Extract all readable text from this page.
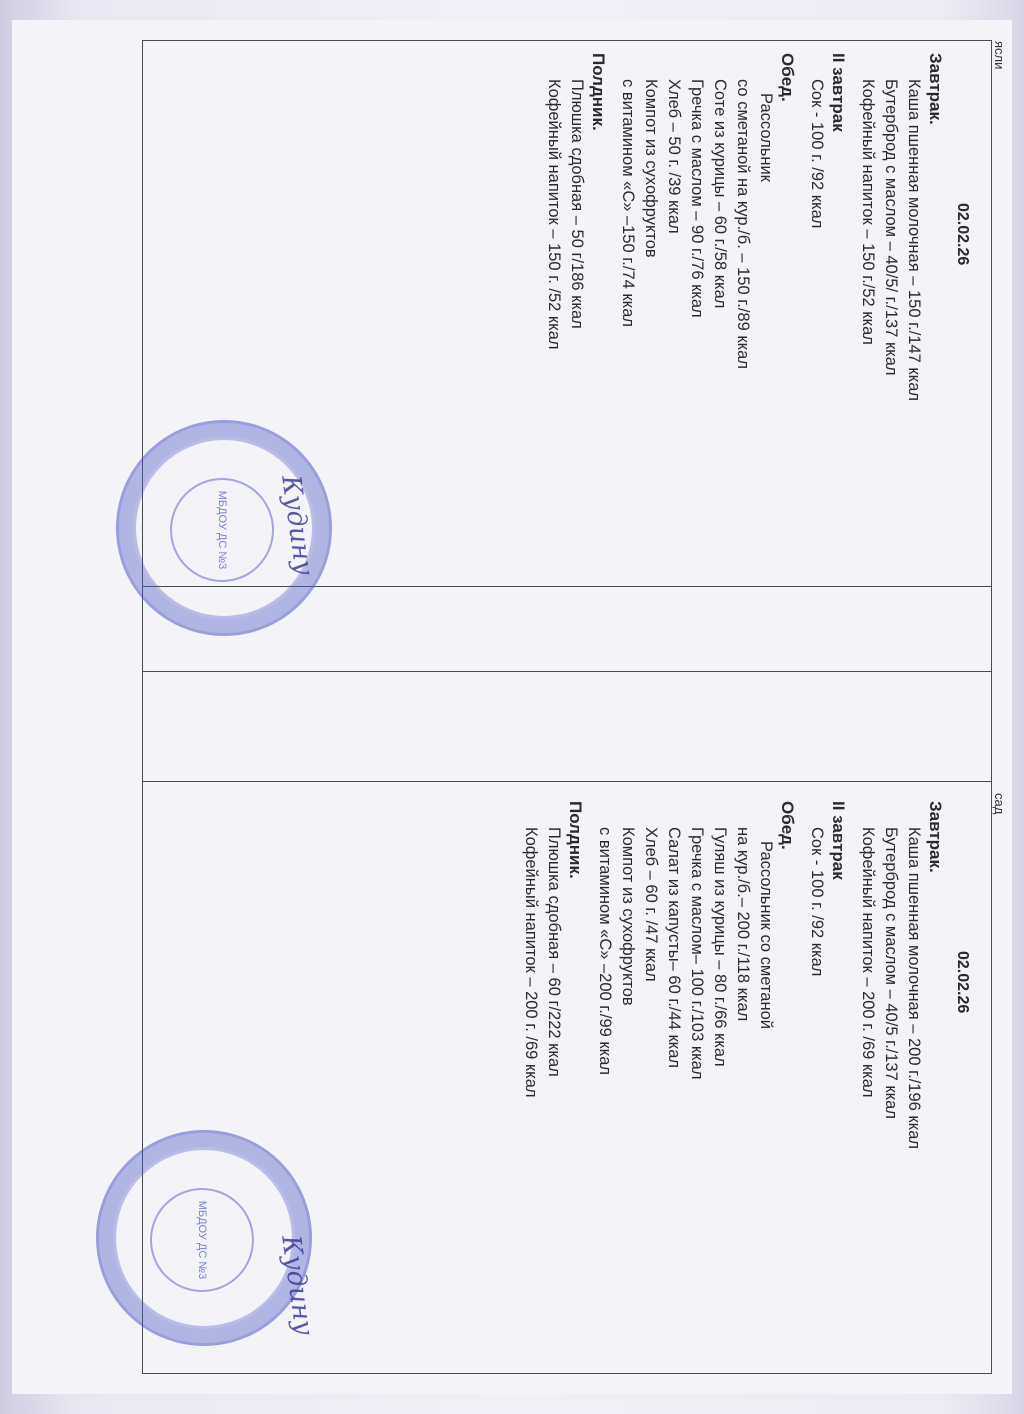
ясли
сад
02.02.26
Завтрак.
Каша пшенная молочная – 150 г./147 ккал
Бутерброд с маслом – 40/5/ г./137 ккал
Кофейный напиток – 150 г./52 ккал
II завтрак
Сок - 100 г. /92 ккал
Обед.
Рассольник
со сметаной на кур./б. – 150 г./89 ккал
Соте из курицы – 60 г./58 ккал
Гречка с маслом – 90 г./76 ккал
Хлеб – 50 г. /39 ккал
Компот из сухофруктов
с витамином «С» –150 г./74 ккал
Полдник.
Плюшка сдобная – 50 г/186 ккал
Кофейный напиток – 150 г. /52 ккал
02.02.26
Завтрак.
Каша пшенная молочная – 200 г./196 ккал
Бутерброд с маслом – 40/5 г./137 ккал
Кофейный напиток – 200 г. /69 ккал
II завтрак
Сок - 100 г. /92 ккал
Обед.
Рассольник со сметаной
на кур./б.– 200 г./118 ккал
Гуляш из курицы – 80 г./66 ккал
Гречка с маслом– 100 г./103 ккал
Салат из капусты– 60 г./44 ккал
Хлеб – 60 г. /47 ккал
Компот из сухофруктов
с витамином «С» –200 г./99 ккал
Полдник.
Плюшка сдобная – 60 г/222 ккал
Кофейный напиток – 200 г. /69 ккал
МБДОУ ДС №3
МБДОУ ДС №3
Кудину
Кудину
